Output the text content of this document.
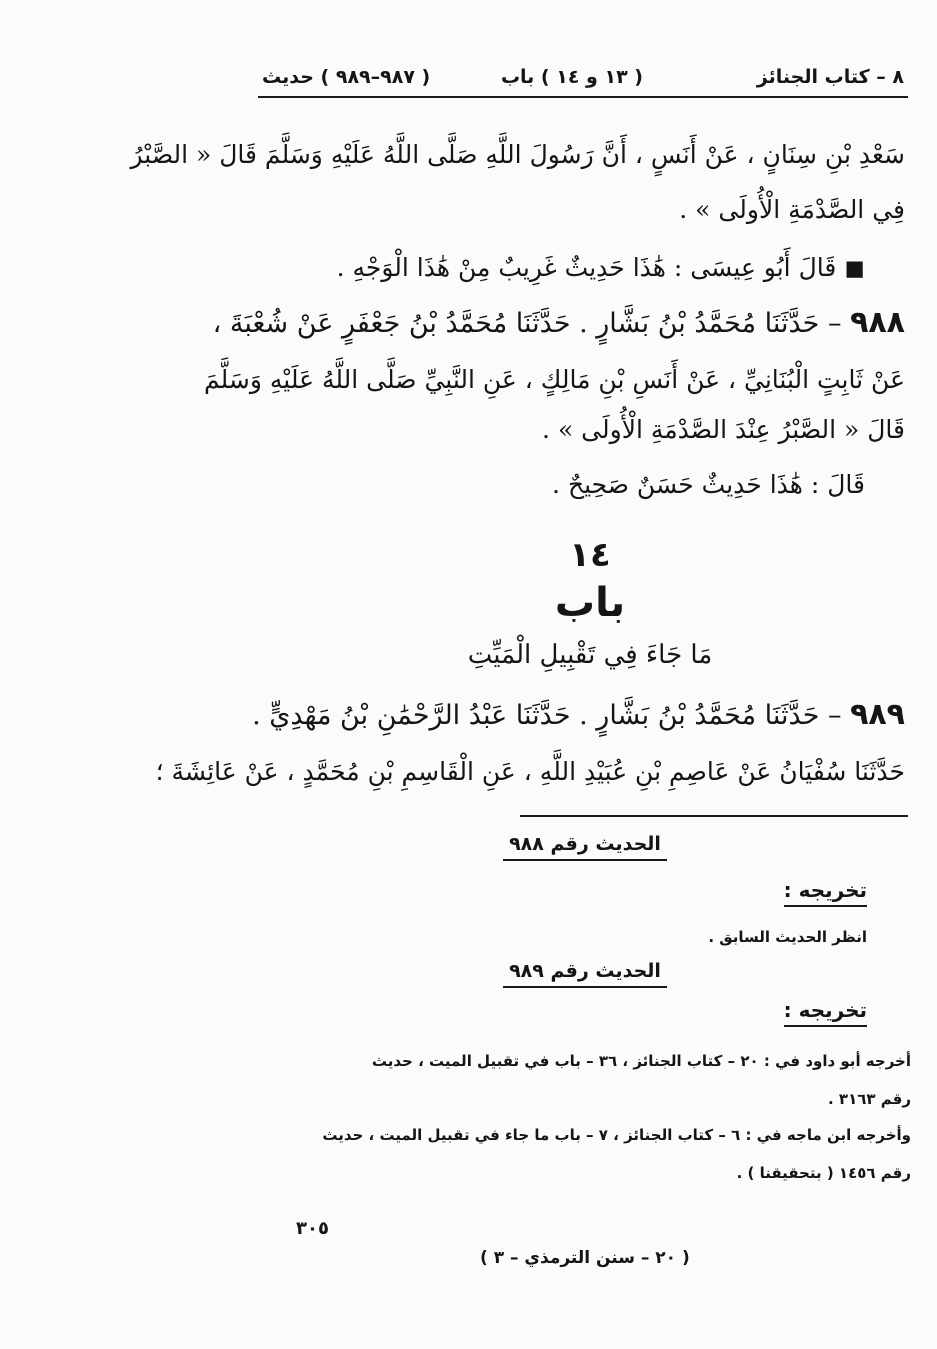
٨ – كتاب الجنائز
( ١٣ و ١٤ ) باب
( ٩٨٧–٩٨٩ ) حديث
سَعْدِ بْنِ سِنَانٍ ، عَنْ أَنَسٍ ، أَنَّ رَسُولَ اللَّهِ صَلَّى اللَّهُ عَلَيْهِ وَسَلَّمَ قَالَ « الصَّبْرُ
فِي الصَّدْمَةِ الْأُولَى » .
◼ قَالَ أَبُو عِيسَى : هَٰذَا حَدِيثٌ غَرِيبٌ مِنْ هَٰذَا الْوَجْهِ .
٩٨٨ – حَدَّثَنَا مُحَمَّدُ بْنُ بَشَّارٍ . حَدَّثَنَا مُحَمَّدُ بْنُ جَعْفَرٍ عَنْ شُعْبَةَ ،
عَنْ ثَابِتٍ الْبُنَانِيِّ ، عَنْ أَنَسِ بْنِ مَالِكٍ ، عَنِ النَّبِيِّ صَلَّى اللَّهُ عَلَيْهِ وَسَلَّمَ
قَالَ « الصَّبْرُ عِنْدَ الصَّدْمَةِ الْأُولَى » .
قَالَ : هَٰذَا حَدِيثٌ حَسَنٌ صَحِيحٌ .
١٤
باب
مَا جَاءَ فِي تَقْبِيلِ الْمَيِّتِ
٩٨٩ – حَدَّثَنَا مُحَمَّدُ بْنُ بَشَّارٍ . حَدَّثَنَا عَبْدُ الرَّحْمَٰنِ بْنُ مَهْدِيٍّ .
حَدَّثَنَا سُفْيَانُ عَنْ عَاصِمِ بْنِ عُبَيْدِ اللَّهِ ، عَنِ الْقَاسِمِ بْنِ مُحَمَّدٍ ، عَنْ عَائِشَةَ ؛
الحديث رقم ٩٨٨
تخريجه :
انظر الحديث السابق .
الحديث رقم ٩٨٩
تخريجه :
أخرجه أبو داود في : ٢٠ – كتاب الجنائز ، ٣٦ – باب في تقبيل الميت ، حديث
رقم ٣١٦٣ .
وأخرجه ابن ماجه في : ٦ – كتاب الجنائز ، ٧ – باب ما جاء في تقبيل الميت ، حديث
رقم ١٤٥٦ ( بتحقيقنا ) .
٣٠٥
( ٢٠ – سنن الترمذي – ٣ )
